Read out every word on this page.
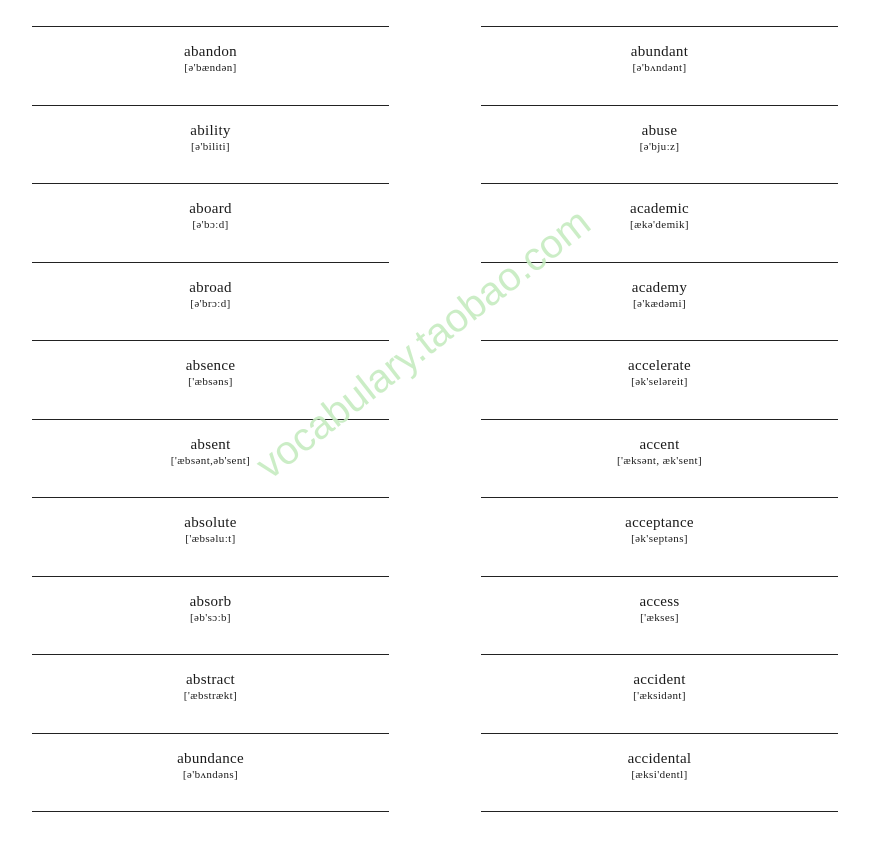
abandon
[ə'bændən]
ability
[ə'biliti]
aboard
[ə'bɔːd]
abroad
[ə'brɔːd]
absence
['æbsəns]
absent
['æbsənt,əb'sent]
absolute
['æbsəluːt]
absorb
[əb'sɔːb]
abstract
['æbstrækt]
abundance
[ə'bʌndəns]
abundant
[ə'bʌndənt]
abuse
[ə'bjuːz]
academic
[ækə'demik]
academy
[ə'kædəmi]
accelerate
[ək'seləreit]
accent
['æksənt, æk'sent]
acceptance
[ək'septəns]
access
['ækses]
accident
['æksidənt]
accidental
[æksi'dentl]
vocabulary.taobao.com
